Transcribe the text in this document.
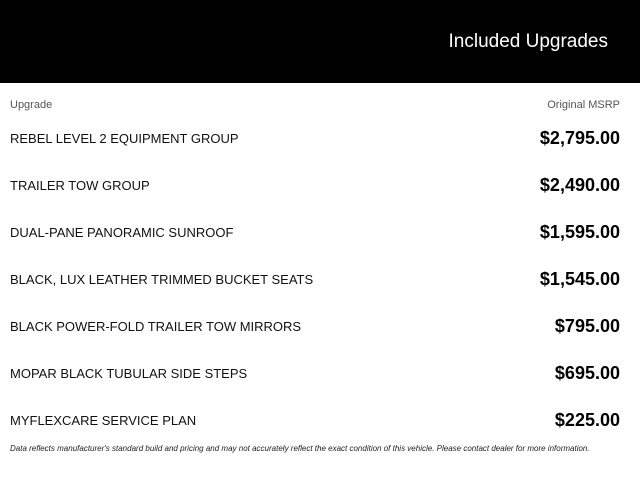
Included Upgrades
Upgrade	Original MSRP
REBEL LEVEL 2 EQUIPMENT GROUP	$2,795.00
TRAILER TOW GROUP	$2,490.00
DUAL-PANE PANORAMIC SUNROOF	$1,595.00
BLACK, LUX LEATHER TRIMMED BUCKET SEATS	$1,545.00
BLACK POWER-FOLD TRAILER TOW MIRRORS	$795.00
MOPAR BLACK TUBULAR SIDE STEPS	$695.00
MYFLEXCARE SERVICE PLAN	$225.00
Data reflects manufacturer's standard build and pricing and may not accurately reflect the exact condition of this vehicle. Please contact dealer for more information.
